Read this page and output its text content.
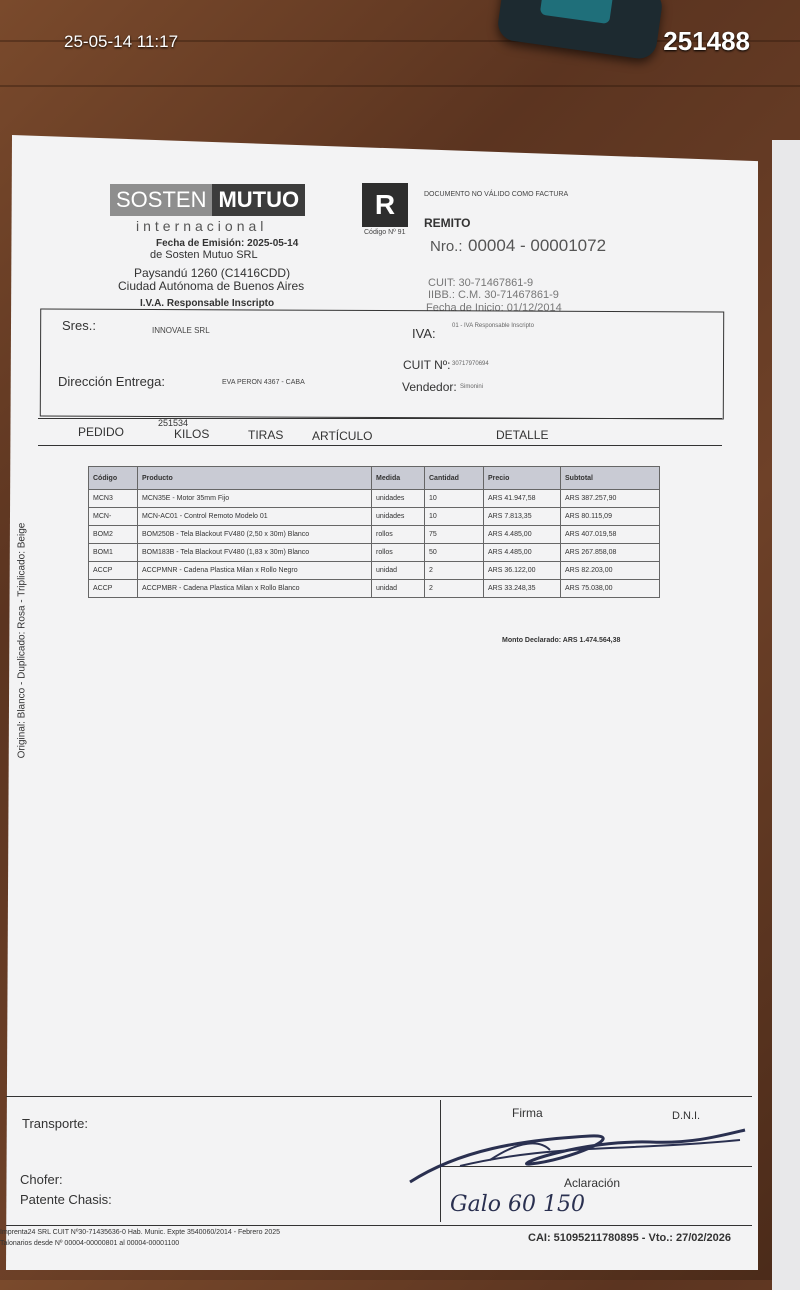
25-05-14 11:17	251488
SOSTEN MUTUO
internacional
Fecha de Emisión: 2025-05-14
de Sosten Mutuo SRL
Paysandú 1260 (C1416CDD)
Ciudad Autónoma de Buenos Aires
I.V.A. Responsable Inscripto
R
Código Nº 91
DOCUMENTO NO VÁLIDO COMO FACTURA
REMITO
Nro.: 00004 - 00001072
CUIT: 30-71467861-9
IIBB.: C.M. 30-71467861-9
Fecha de Inicio: 01/12/2014
Sres.:	INNOVALE SRL	IVA:	01 - IVA Responsable Inscripto
CUIT Nº: 30717970694
Dirección Entrega:	EVA PERON 4367 - CABA	Vendedor: Simonini
251534
PEDIDO	KILOS	TIRAS ARTÍCULO	DETALLE
Original: Blanco - Duplicado: Rosa - Triplicado: Beige
Código	Producto	Medida	Cantidad	Precio	Subtotal
MCN3	MCN35E - Motor 35mm Fijo	unidades	10	ARS 41.947,58	ARS 387.257,90
MCN-	MCN-AC01 - Control Remoto Modelo 01	unidades	10	ARS 7.813,35	ARS 80.115,09
BOM2	BOM250B - Tela Blackout FV480 (2,50 x 30m) Blanco	rollos	75	ARS 4.485,00	ARS 407.019,58
BOM1	BOM183B - Tela Blackout FV480 (1,83 x 30m) Blanco	rollos	50	ARS 4.485,00	ARS 267.858,08
ACCP	ACCPMNR - Cadena Plastica Milan x Rollo Negro	unidad	2	ARS 36.122,00	ARS 82.203,00
ACCP	ACCPMBR - Cadena Plastica Milan x Rollo Blanco	unidad	2	ARS 33.248,35	ARS 75.038,00
Monto Declarado: ARS 1.474.564,38
Transporte:
Chofer:
Patente Chasis:
Firma	D.N.I.
Aclaración
Galo 60 150
Imprenta24 SRL CUIT Nº30-71435636-0 Hab. Munic. Expte 3540060/2014 - Febrero 2025
Talonarios desde Nº 00004-00000801 al 00004-00001100	CAI: 51095211780895 - Vto.: 27/02/2026
